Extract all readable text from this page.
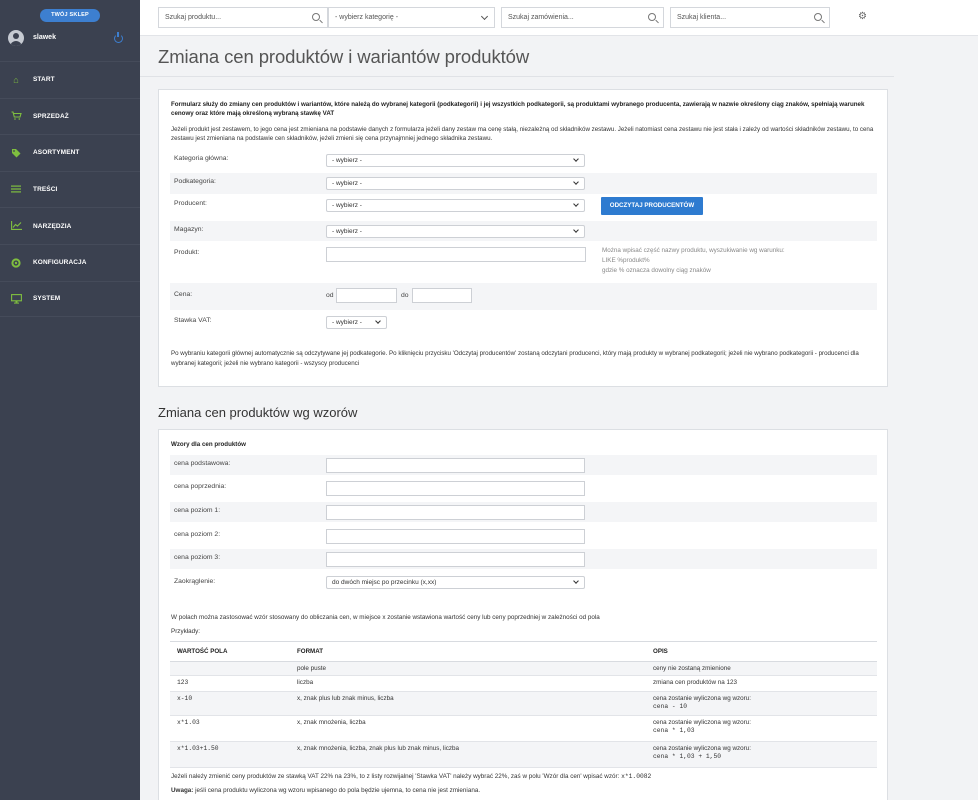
TWÓJ SKLEP
slawek
⌂	START
SPRZEDAŻ
ASORTYMENT
TREŚCI
NARZĘDZIA
KONFIGURACJA
SYSTEM
Szukaj produktu...	- wybierz kategorię -	Szukaj zamówienia...	Szukaj klienta...	⚙
Zmiana cen produktów i wariantów produktów
Formularz służy do zmiany cen produktów i wariantów, które należą do wybranej kategorii (podkategorii) i jej wszystkich podkategorii, są produktami wybranego producenta, zawierają w nazwie określony ciąg znaków, spełniają warunek cenowy oraz które mają określoną wybraną stawkę VAT
Jeżeli produkt jest zestawem, to jego cena jest zmieniana na podstawie danych z formularza jeżeli dany zestaw ma cenę stałą, niezależną od składników zestawu. Jeżeli natomiast cena zestawu nie jest stała i zależy od wartości składników zestawu, to cena zestawu jest zmieniana na podstawie cen składników, jeżeli zmieni się cena przynajmniej jednego składnika zestawu.
Kategoria główna:	- wybierz -
Podkategoria:	- wybierz -
Producent:	- wybierz -
Magazyn:	- wybierz -
Produkt:
Cena:	od	do
Stawka VAT:	- wybierz -
Po wybraniu kategorii głównej automatycznie są odczytywane jej podkategorie. Po kliknięciu przycisku 'Odczytaj producentów' zostaną odczytani producenci, który mają produkty w wybranej podkategorii; jeżeli nie wybrano podkategorii - producenci dla wybranej kategorii; jeżeli nie wybrano kategorii - wszyscy producenci
ODCZYTAJ PRODUCENTÓW
Można wpisać część nazwy produktu, wyszukiwanie wg warunku:
LIKE %produkt%
gdzie % oznacza dowolny ciąg znaków
Zmiana cen produktów wg wzorów
Wzory dla cen produktów
cena podstawowa:
cena poprzednia:
cena poziom 1:
cena poziom 2:
cena poziom 3:
Zaokrąglenie:	do dwóch miejsc po przecinku (x,xx)
W polach można zastosować wzór stosowany do obliczania cen, w miejsce x zostanie wstawiona wartość ceny lub ceny poprzedniej w zależności od pola
Przykłady:
WARTOŚĆ POLA	FORMAT	OPIS
	pole puste	ceny nie zostaną zmienione
123	liczba	zmiana cen produktów na 123
x-10	x, znak plus lub znak minus, liczba	cena zostanie wyliczona wg wzoru:
cena - 10

x*1.03	x, znak mnożenia, liczba	cena zostanie wyliczona wg wzoru:
cena * 1,03

x*1.03+1.50	x, znak mnożenia, liczba, znak plus lub znak minus, liczba	cena zostanie wyliczona wg wzoru:
cena * 1,03 + 1,50
Jeżeli należy zmienić ceny produktów ze stawką VAT 22% na 23%, to z listy rozwijalnej 'Stawka VAT' należy wybrać 22%, zaś w polu 'Wzór dla cen' wpisać wzór: x*1.0082
Uwaga: jeśli cena produktu wyliczona wg wzoru wpisanego do pola będzie ujemna, to cena nie jest zmieniana.
